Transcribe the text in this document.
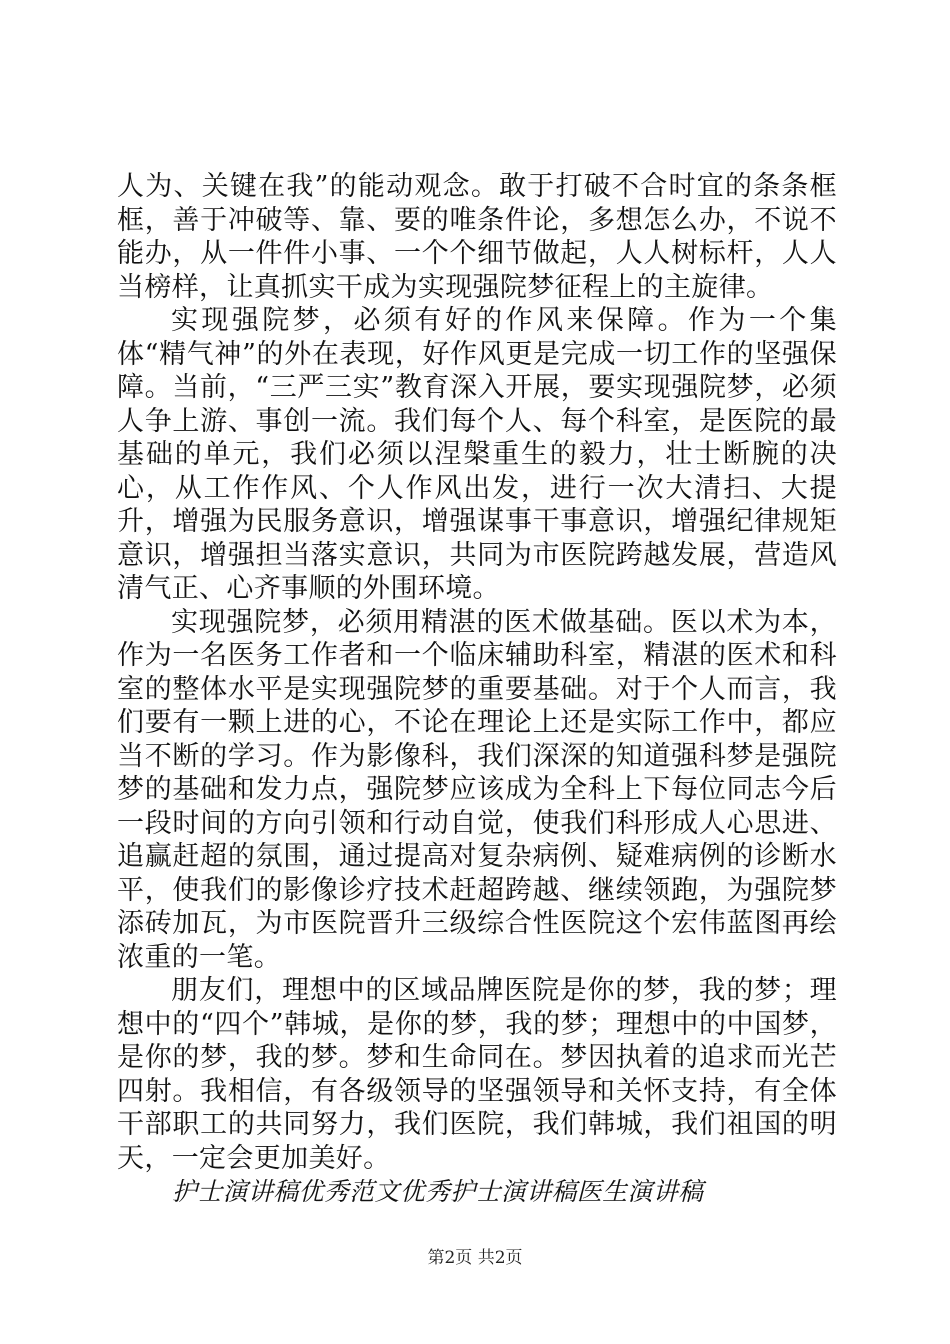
人为、关键在我”的能动观念。敢于打破不合时宜的条条框框，善于冲破等、靠、要的唯条件论，多想怎么办，不说不能办，从一件件小事、一个个细节做起，人人树标杆，人人当榜样，让真抓实干成为实现强院梦征程上的主旋律。

实现强院梦，必须有好的作风来保障。作为一个集体“精气神”的外在表现，好作风更是完成一切工作的坚强保障。当前，“三严三实”教育深入开展，要实现强院梦，必须人争上游、事创一流。我们每个人、每个科室，是医院的最基础的单元，我们必须以涅槃重生的毅力，壮士断腕的决心，从工作作风、个人作风出发，进行一次大清扫、大提升，增强为民服务意识，增强谋事干事意识，增强纪律规矩意识，增强担当落实意识，共同为市医院跨越发展，营造风清气正、心齐事顺的外围环境。

实现强院梦，必须用精湛的医术做基础。医以术为本，作为一名医务工作者和一个临床辅助科室，精湛的医术和科室的整体水平是实现强院梦的重要基础。对于个人而言，我们要有一颗上进的心，不论在理论上还是实际工作中，都应当不断的学习。作为影像科，我们深深的知道强科梦是强院梦的基础和发力点，强院梦应该成为全科上下每位同志今后一段时间的方向引领和行动自觉，使我们科形成人心思进、追赢赶超的氛围，通过提高对复杂病例、疑难病例的诊断水平，使我们的影像诊疗技术赶超跨越、继续领跑，为强院梦添砖加瓦，为市医院晋升三级综合性医院这个宏伟蓝图再绘浓重的一笔。

朋友们，理想中的区域品牌医院是你的梦，我的梦；理想中的“四个”韩城，是你的梦，我的梦；理想中的中国梦，是你的梦，我的梦。梦和生命同在。梦因执着的追求而光芒四射。我相信，有各级领导的坚强领导和关怀支持，有全体干部职工的共同努力，我们医院，我们韩城，我们祖国的明天，一定会更加美好。

护士演讲稿优秀范文优秀护士演讲稿医生演讲稿

第2页 共2页
